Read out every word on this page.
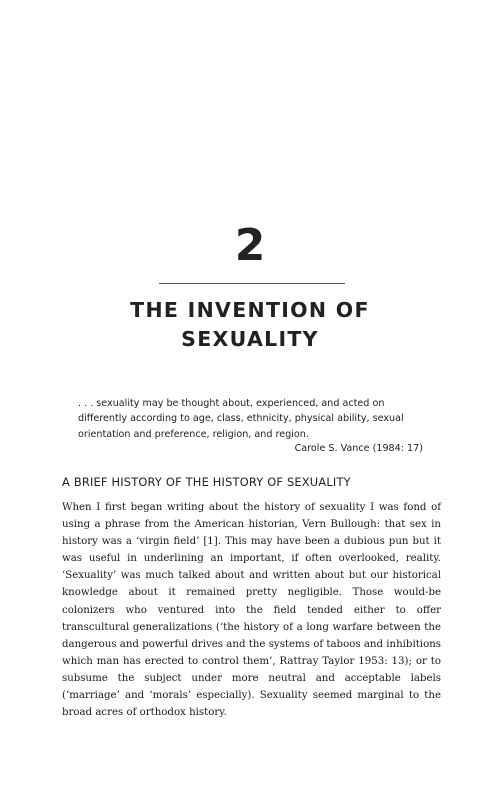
2
THE INVENTION OF
SEXUALITY
. . . sexuality may be thought about, experienced, and acted on differently according to age, class, ethnicity, physical ability, sexual orientation and preference, religion, and region.
Carole S. Vance (1984: 17)
A BRIEF HISTORY OF THE HISTORY OF SEXUALITY
When I first began writing about the history of sexuality I was fond of using a phrase from the American historian, Vern Bullough: that sex in history was a ‘virgin field’ [1]. This may have been a dubious pun but it was useful in underlining an important, if often overlooked, reality. ‘Sexuality’ was much talked about and written about but our historical knowledge about it remained pretty negligible. Those would-be colonizers who ventured into the field tended either to offer transcultural generalizations (‘the history of a long warfare between the dangerous and powerful drives and the systems of taboos and inhibitions which man has erected to control them’, Rattray Taylor 1953: 13); or to subsume the subject under more neutral and acceptable labels (‘marriage’ and ‘morals’ especially). Sexuality seemed marginal to the broad acres of orthodox history.
